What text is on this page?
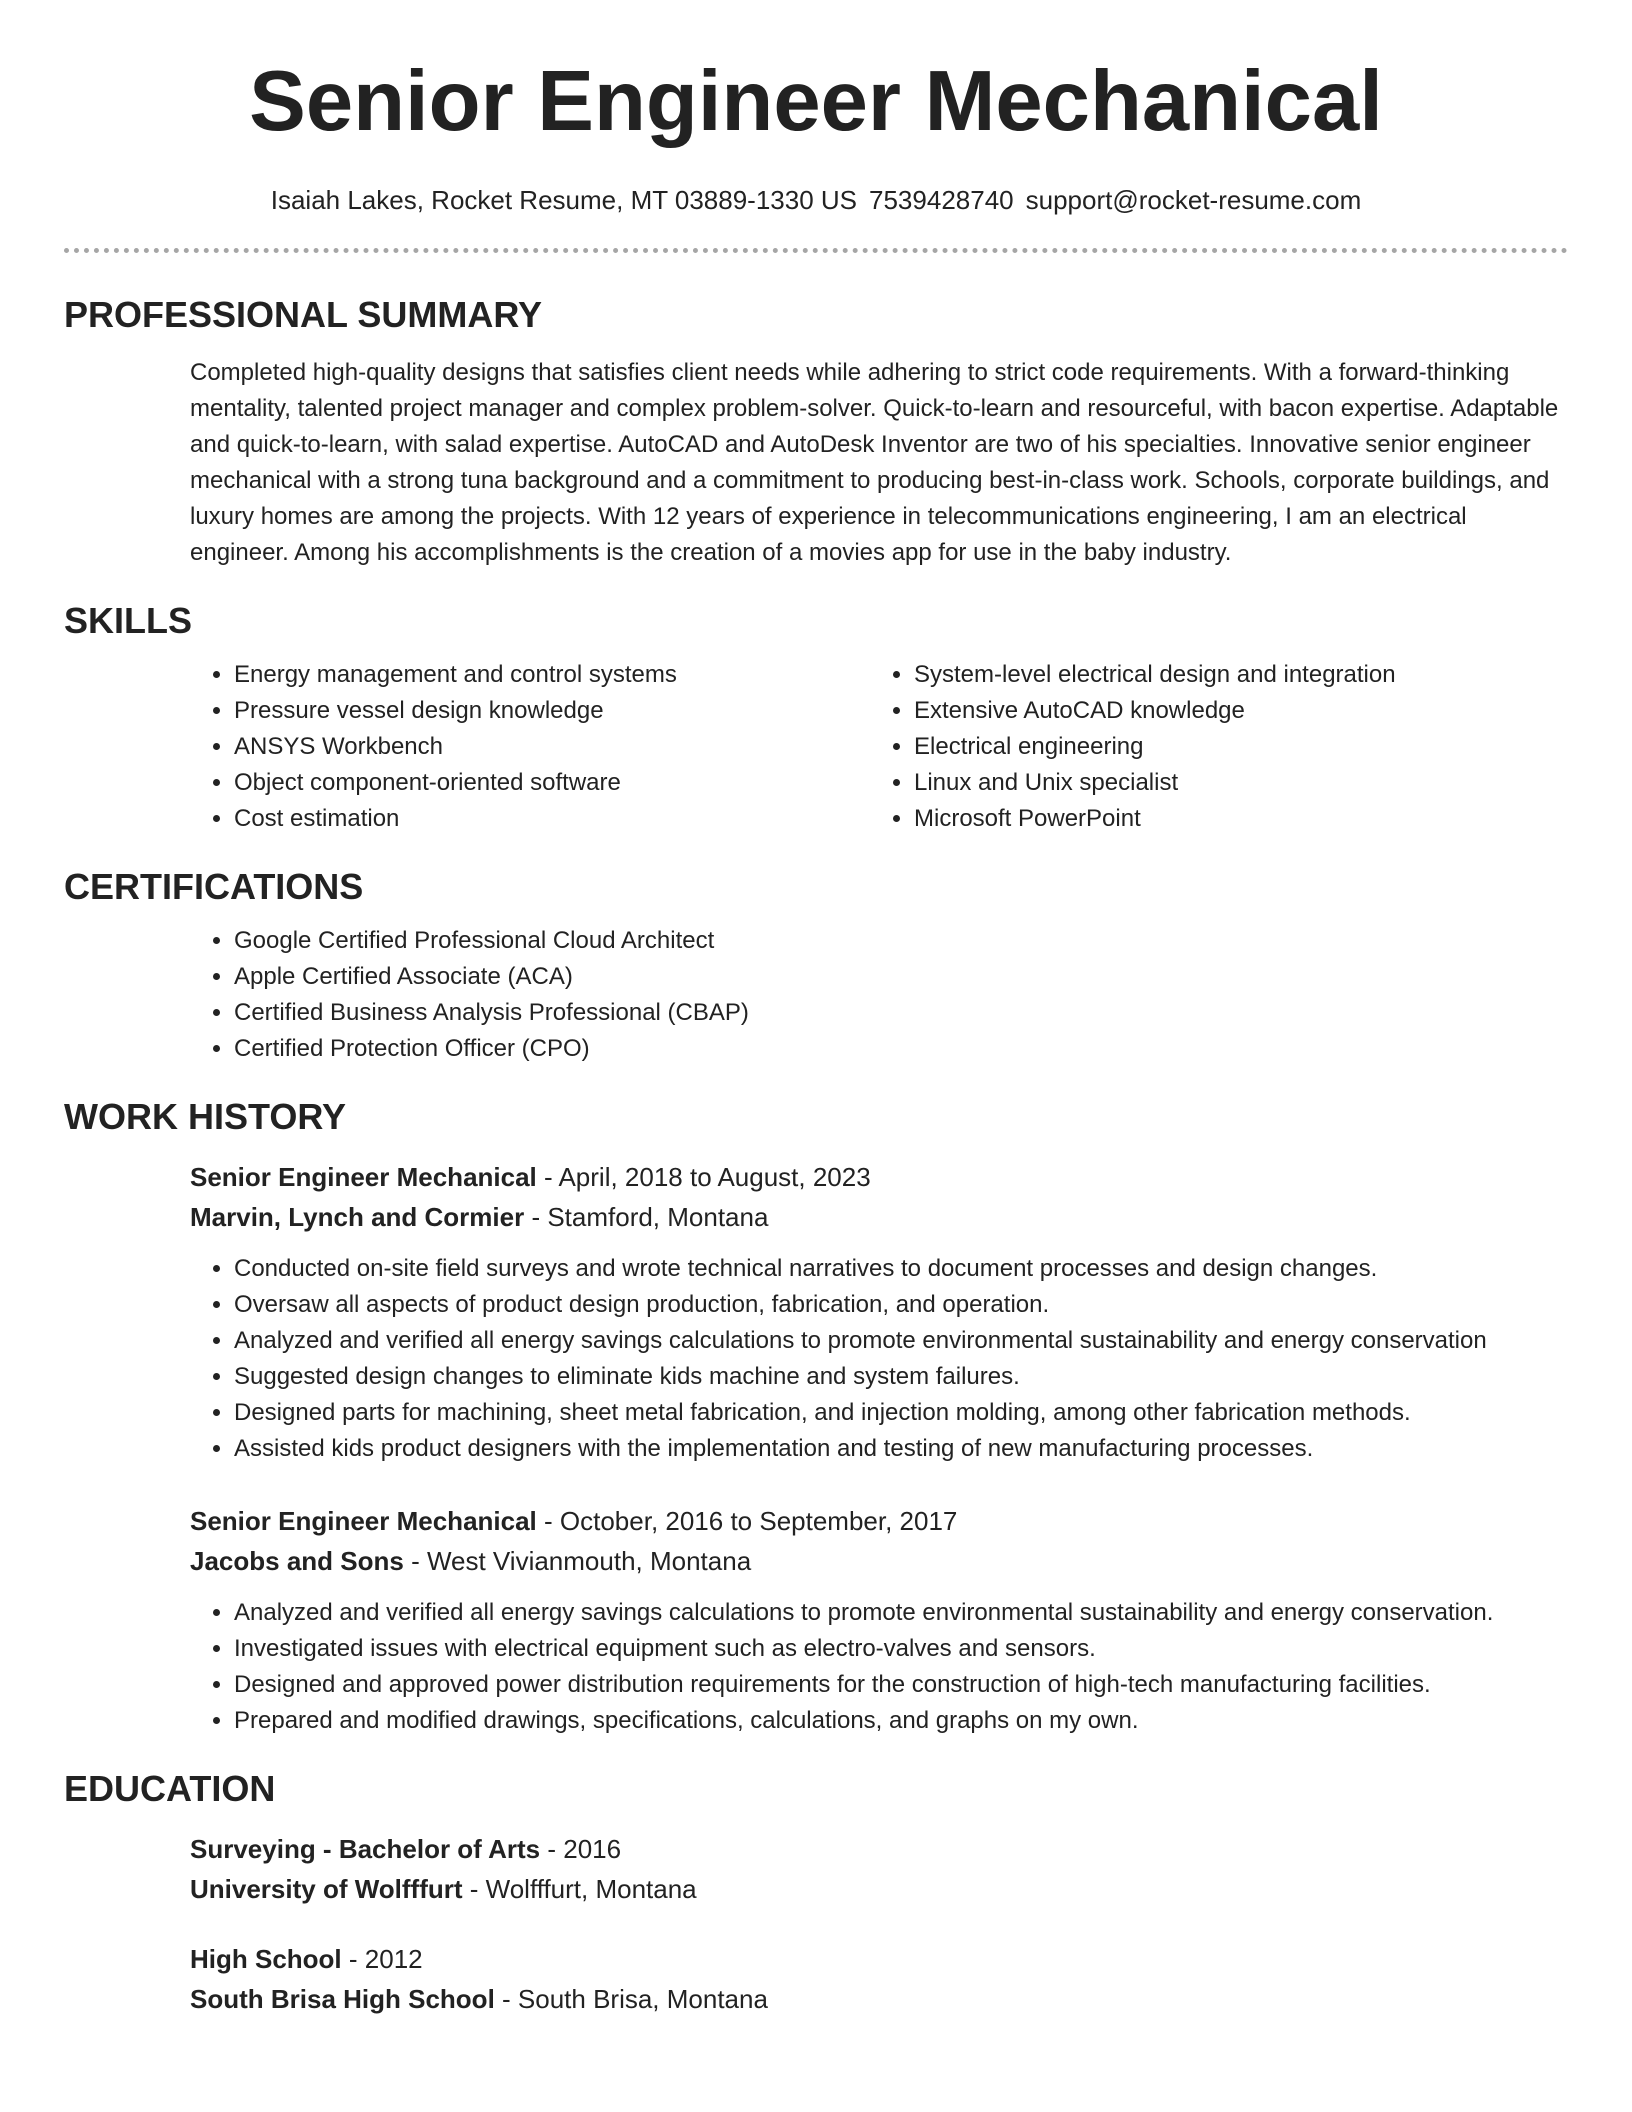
Senior Engineer Mechanical
Isaiah Lakes, Rocket Resume, MT 03889-1330 US 7539428740 support@rocket-resume.com
PROFESSIONAL SUMMARY

Completed high-quality designs that satisfies client needs while adhering to strict code requirements. With a forward-thinking mentality, talented project manager and complex problem-solver. Quick-to-learn and resourceful, with bacon expertise. Adaptable and quick-to-learn, with salad expertise. AutoCAD and AutoDesk Inventor are two of his specialties. Innovative senior engineer mechanical with a strong tuna background and a commitment to producing best-in-class work. Schools, corporate buildings, and luxury homes are among the projects. With 12 years of experience in telecommunications engineering, I am an electrical engineer. Among his accomplishments is the creation of a movies app for use in the baby industry.

SKILLS
• Energy management and control systems
• Pressure vessel design knowledge
• ANSYS Workbench
• Object component-oriented software
• Cost estimation
• System-level electrical design and integration
• Extensive AutoCAD knowledge
• Electrical engineering
• Linux and Unix specialist
• Microsoft PowerPoint
CERTIFICATIONS
• Google Certified Professional Cloud Architect
• Apple Certified Associate (ACA)
• Certified Business Analysis Professional (CBAP)
• Certified Protection Officer (CPO)
WORK HISTORY
Senior Engineer Mechanical - April, 2018 to August, 2023
Marvin, Lynch and Cormier - Stamford, Montana
• Conducted on-site field surveys and wrote technical narratives to document processes and design changes.
• Oversaw all aspects of product design production, fabrication, and operation.
• Analyzed and verified all energy savings calculations to promote environmental sustainability and energy conservation
• Suggested design changes to eliminate kids machine and system failures.
• Designed parts for machining, sheet metal fabrication, and injection molding, among other fabrication methods.
• Assisted kids product designers with the implementation and testing of new manufacturing processes.
Senior Engineer Mechanical - October, 2016 to September, 2017
Jacobs and Sons - West Vivianmouth, Montana
• Analyzed and verified all energy savings calculations to promote environmental sustainability and energy conservation.
• Investigated issues with electrical equipment such as electro-valves and sensors.
• Designed and approved power distribution requirements for the construction of high-tech manufacturing facilities.
• Prepared and modified drawings, specifications, calculations, and graphs on my own.
EDUCATION
Surveying - Bachelor of Arts - 2016
University of Wolfffurt - Wolfffurt, Montana
High School - 2012
South Brisa High School - South Brisa, Montana
